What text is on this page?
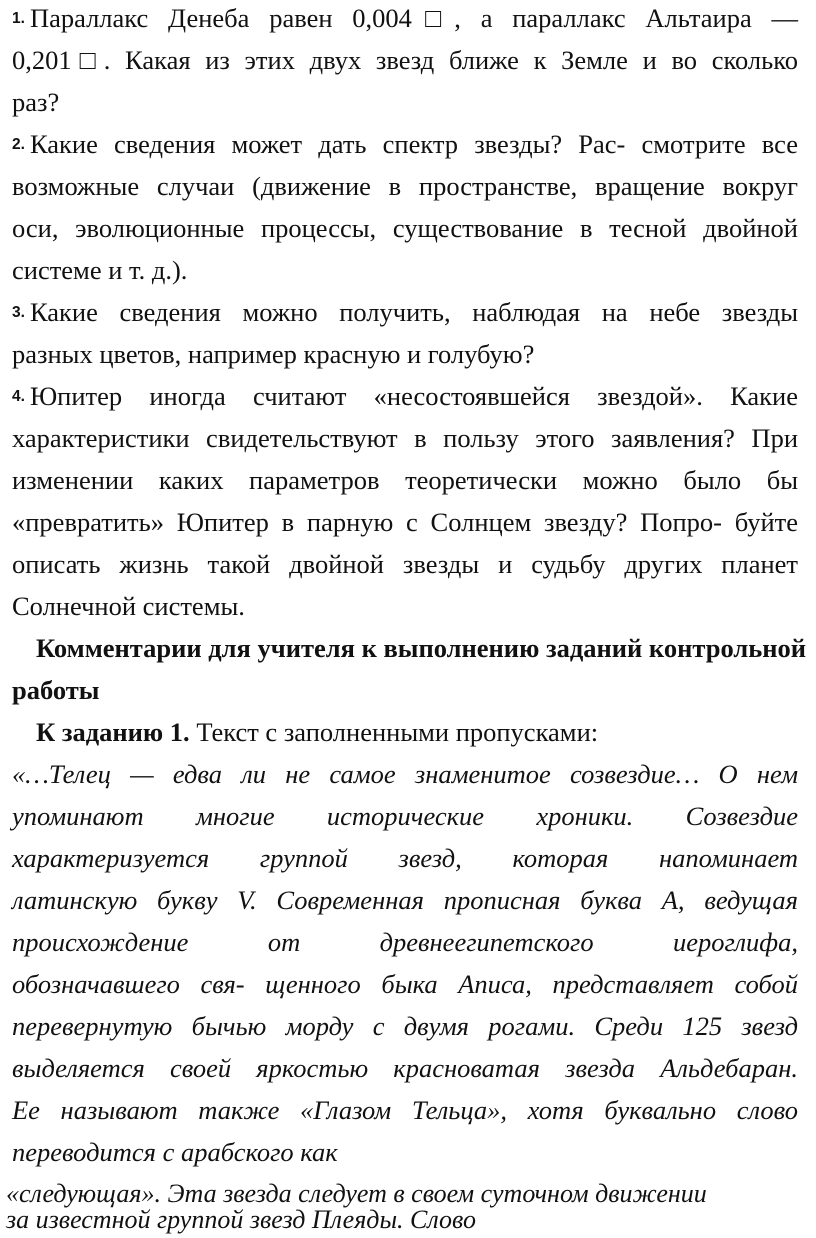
1. Параллакс Денеба равен 0,004□, а параллакс Альтаира —
0,201□. Какая из этих двух звезд ближе к Земле и во сколько
раз?
2. Какие сведения может дать спектр звезды? Рас- смотрите все
возможные случаи (движение в пространстве, вращение вокруг
оси, эволюционные процессы, существование в тесной двойной
системе и т. д.).
3. Какие сведения можно получить, наблюдая на небе звезды
разных цветов, например красную и голубую?
4. Юпитер иногда считают «несостоявшейся звездой». Какие
характеристики свидетельствуют в пользу этого заявления? При
изменении каких параметров теоретически можно было бы
«превратить» Юпитер в парную с Солнцем звезду? Попро- буйте
описать жизнь такой двойной звезды и судьбу других планет
Солнечной системы.
Комментарии для учителя к выполнению заданий контрольной
работы
К заданию 1. Текст с заполненными пропусками:
«…Телец — едва ли не самое знаменитое созвездие… О нем
упоминают многие исторические хроники. Созвездие
характеризуется группой звезд, которая напоминает
латинскую букву V. Современная прописная буква А, ведущая
происхождение от древнеегипетского иероглифа,
обозначавшего свя- щенного быка Аписа, представляет собой
перевернутую бычью морду с двумя рогами. Среди 125 звезд
выделяется своей яркостью красноватая звезда Альдебаран.
Ее называют также «Глазом Тельца», хотя буквально слово
переводится с арабского как
«следующая». Эта звезда следует в своем суточном движении
за известной группой звезд Плеяды. Слово
